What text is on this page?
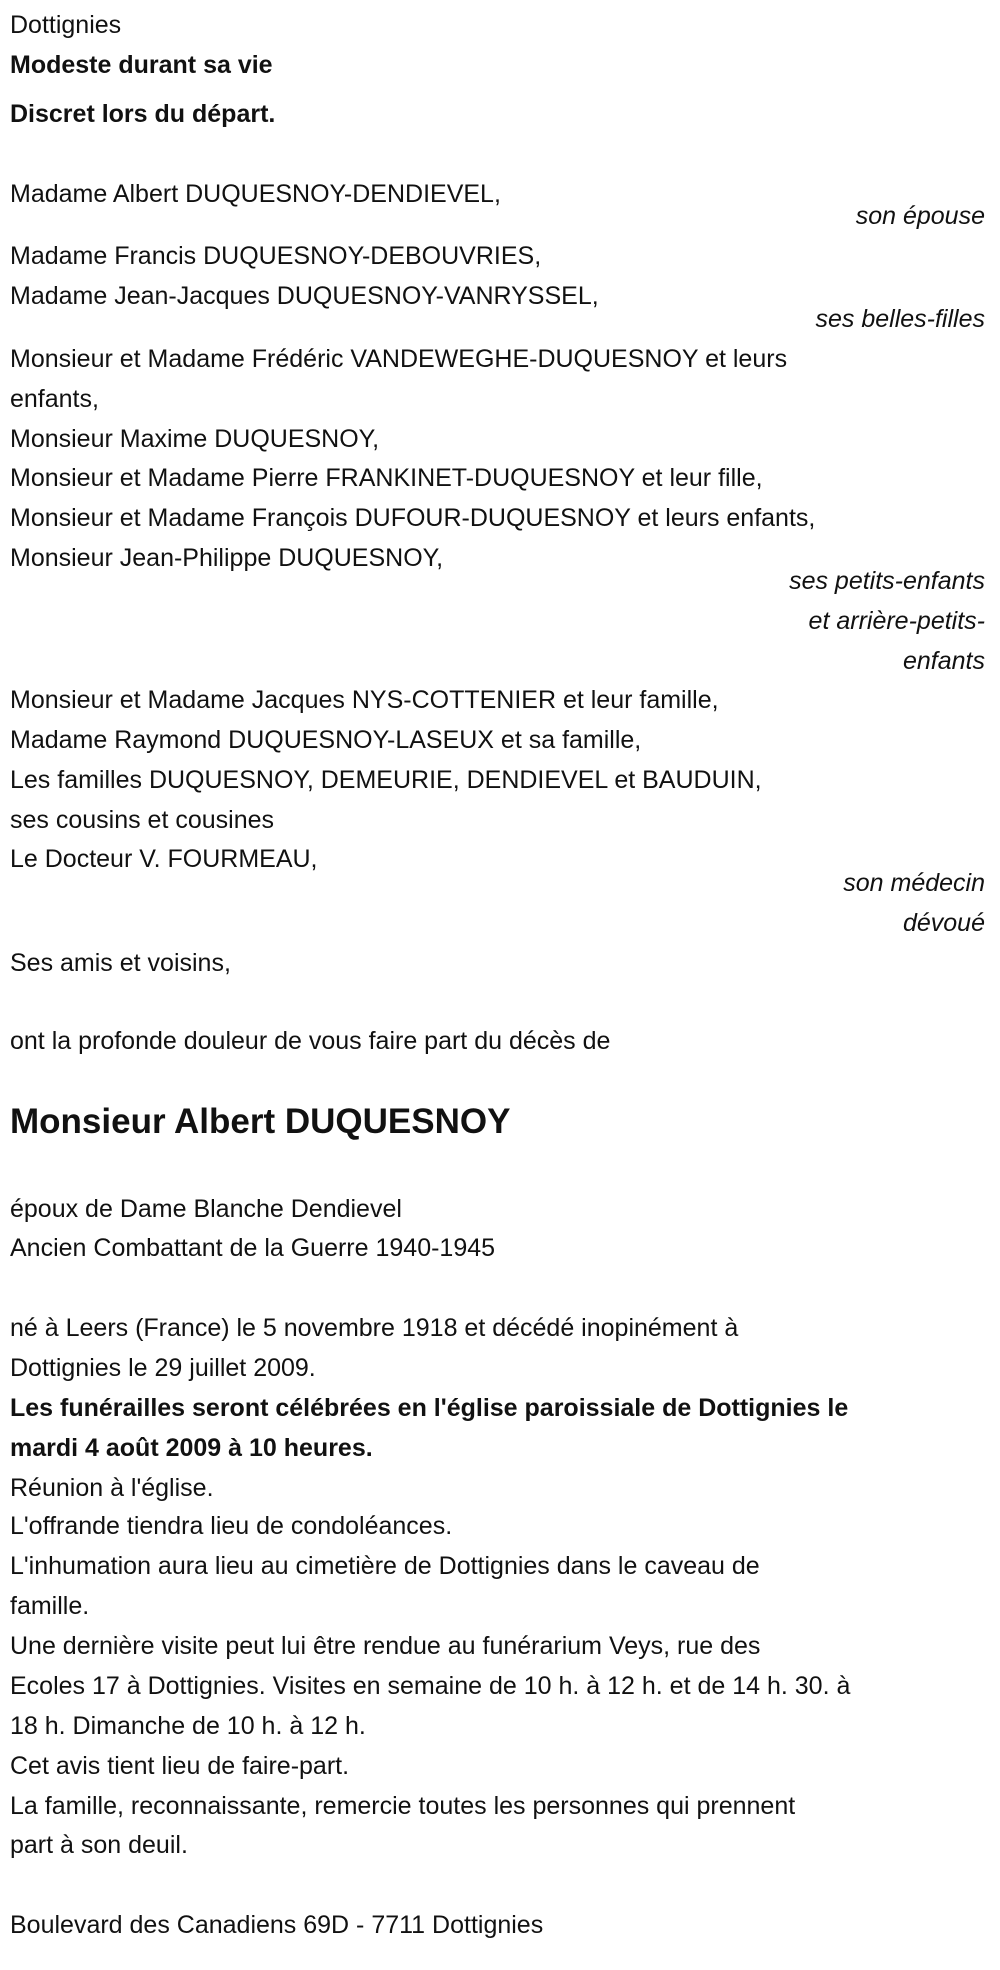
Dottignies
Modeste durant sa vie
Discret lors du départ.
Madame Albert DUQUESNOY-DENDIEVEL,
son épouse
Madame Francis DUQUESNOY-DEBOUVRIES,
Madame Jean-Jacques DUQUESNOY-VANRYSSEL,
ses belles-filles
Monsieur et Madame Frédéric VANDEWEGHE-DUQUESNOY et leurs
enfants,
Monsieur Maxime DUQUESNOY,
Monsieur et Madame Pierre FRANKINET-DUQUESNOY et leur fille,
Monsieur et Madame François DUFOUR-DUQUESNOY et leurs enfants,
Monsieur Jean-Philippe DUQUESNOY,
ses petits-enfants
et arrière-petits-
enfants
Monsieur et Madame Jacques NYS-COTTENIER et leur famille,
Madame Raymond DUQUESNOY-LASEUX et sa famille,
Les familles DUQUESNOY, DEMEURIE, DENDIEVEL et BAUDUIN,
ses cousins et cousines
Le Docteur V. FOURMEAU,
son médecin
dévoué
Ses amis et voisins,
ont la profonde douleur de vous faire part du décès de
Monsieur Albert DUQUESNOY
époux de Dame Blanche Dendievel
Ancien Combattant de la Guerre 1940-1945
né à Leers (France) le 5 novembre 1918 et décédé inopinément à
Dottignies le 29 juillet 2009.
Les funérailles seront célébrées en l'église paroissiale de Dottignies le
mardi 4 août 2009 à 10 heures.
Réunion à l'église.
L'offrande tiendra lieu de condoléances.
L'inhumation aura lieu au cimetière de Dottignies dans le caveau de
famille.
Une dernière visite peut lui être rendue au funérarium Veys, rue des
Ecoles 17 à Dottignies. Visites en semaine de 10 h. à 12 h. et de 14 h. 30. à
18 h. Dimanche de 10 h. à 12 h.
Cet avis tient lieu de faire-part.
La famille, reconnaissante, remercie toutes les personnes qui prennent
part à son deuil.
Boulevard des Canadiens 69D - 7711 Dottignies
